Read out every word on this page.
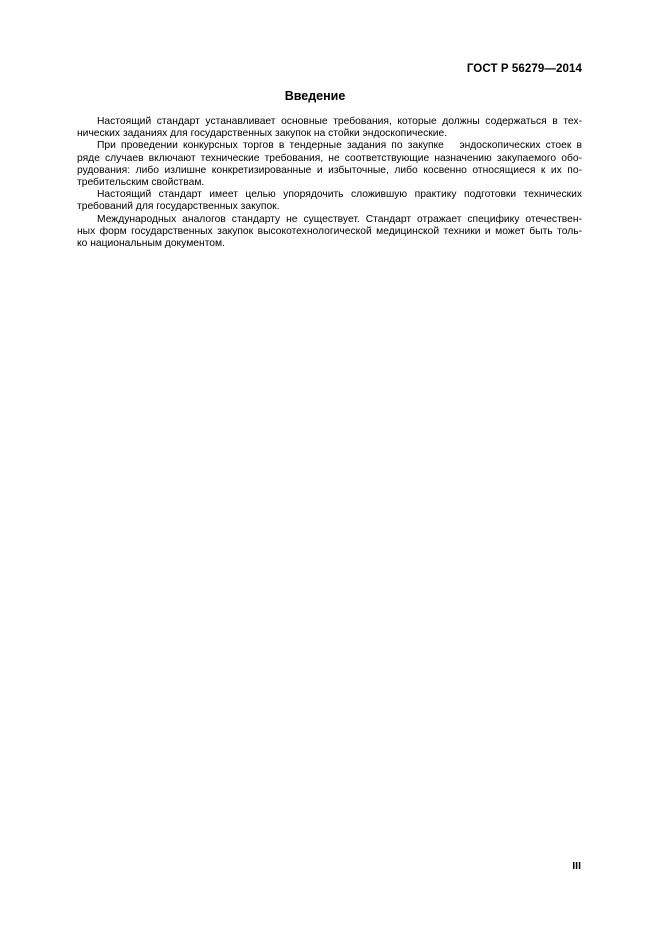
ГОСТ Р 56279—2014
Введение
Настоящий стандарт устанавливает основные требования, которые должны содержаться в тех-
нических заданиях для государственных закупок на стойки эндоскопические.
При проведении конкурсных торгов в тендерные задания по закупке   эндоскопических стоек в
ряде случаев включают технические требования, не соответствующие назначению закупаемого обо-
рудования: либо излишне конкретизированные и избыточные, либо косвенно относящиеся к их по-
требительским свойствам.
Настоящий стандарт имеет целью упорядочить сложившую практику подготовки технических
требований для государственных закупок.
Международных аналогов стандарту не существует. Стандарт отражает специфику отечествен-
ных форм государственных закупок высокотехнологической медицинской техники и может быть толь-
ко национальным документом.
III
